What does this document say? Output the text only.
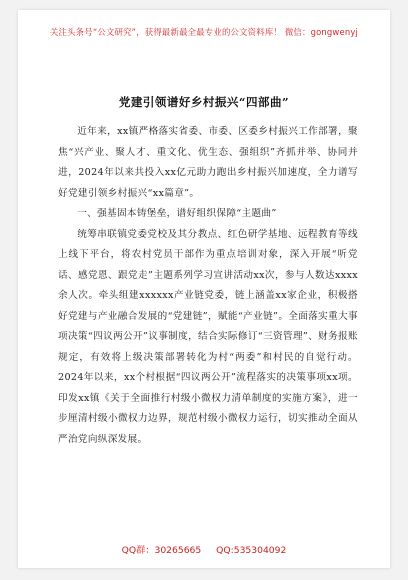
关注头条号“公文研究”，获得最新最全最专业的公文资料库！ 微信：gongwenyj
党建引领谱好乡村振兴“四部曲”

近年来，xx镇严格落实省委、市委、区委乡村振兴工作部署，聚焦“兴产业、聚人才、重文化、优生态、强组织”齐抓并举、协同并进，2024年以来共投入xx亿元助力跑出乡村振兴加速度，全力谱写好党建引领乡村振兴“xx篇章”。

一、强基固本铸堡垒，谱好组织保障“主题曲”

统筹串联镇党委党校及其分教点、红色研学基地、远程教育等线上线下平台，将农村党员干部作为重点培训对象，深入开展“听党话、感党恩、跟党走”主题系列学习宣讲活动xx次，参与人数达xxxx余人次。牵头组建xxxxxx产业链党委，链上涵盖xx家企业，积极搭好党建与产业融合发展的“党建链”，赋能“产业链”。全面落实重大事项决策“四议两公开”议事制度，结合实际修订“三资管理”、财务报账规定，有效将上级决策部署转化为村“两委”和村民的自觉行动。2024年以来，xx个村根据“四议两公开”流程落实的决策事项xx项。印发xx镇《关于全面推行村级小微权力清单制度的实施方案》，进一步厘清村级小微权力边界，规范村级小微权力运行，切实推动全面从严治党向纵深发展。

QQ群：30265665 QQ:535304092
